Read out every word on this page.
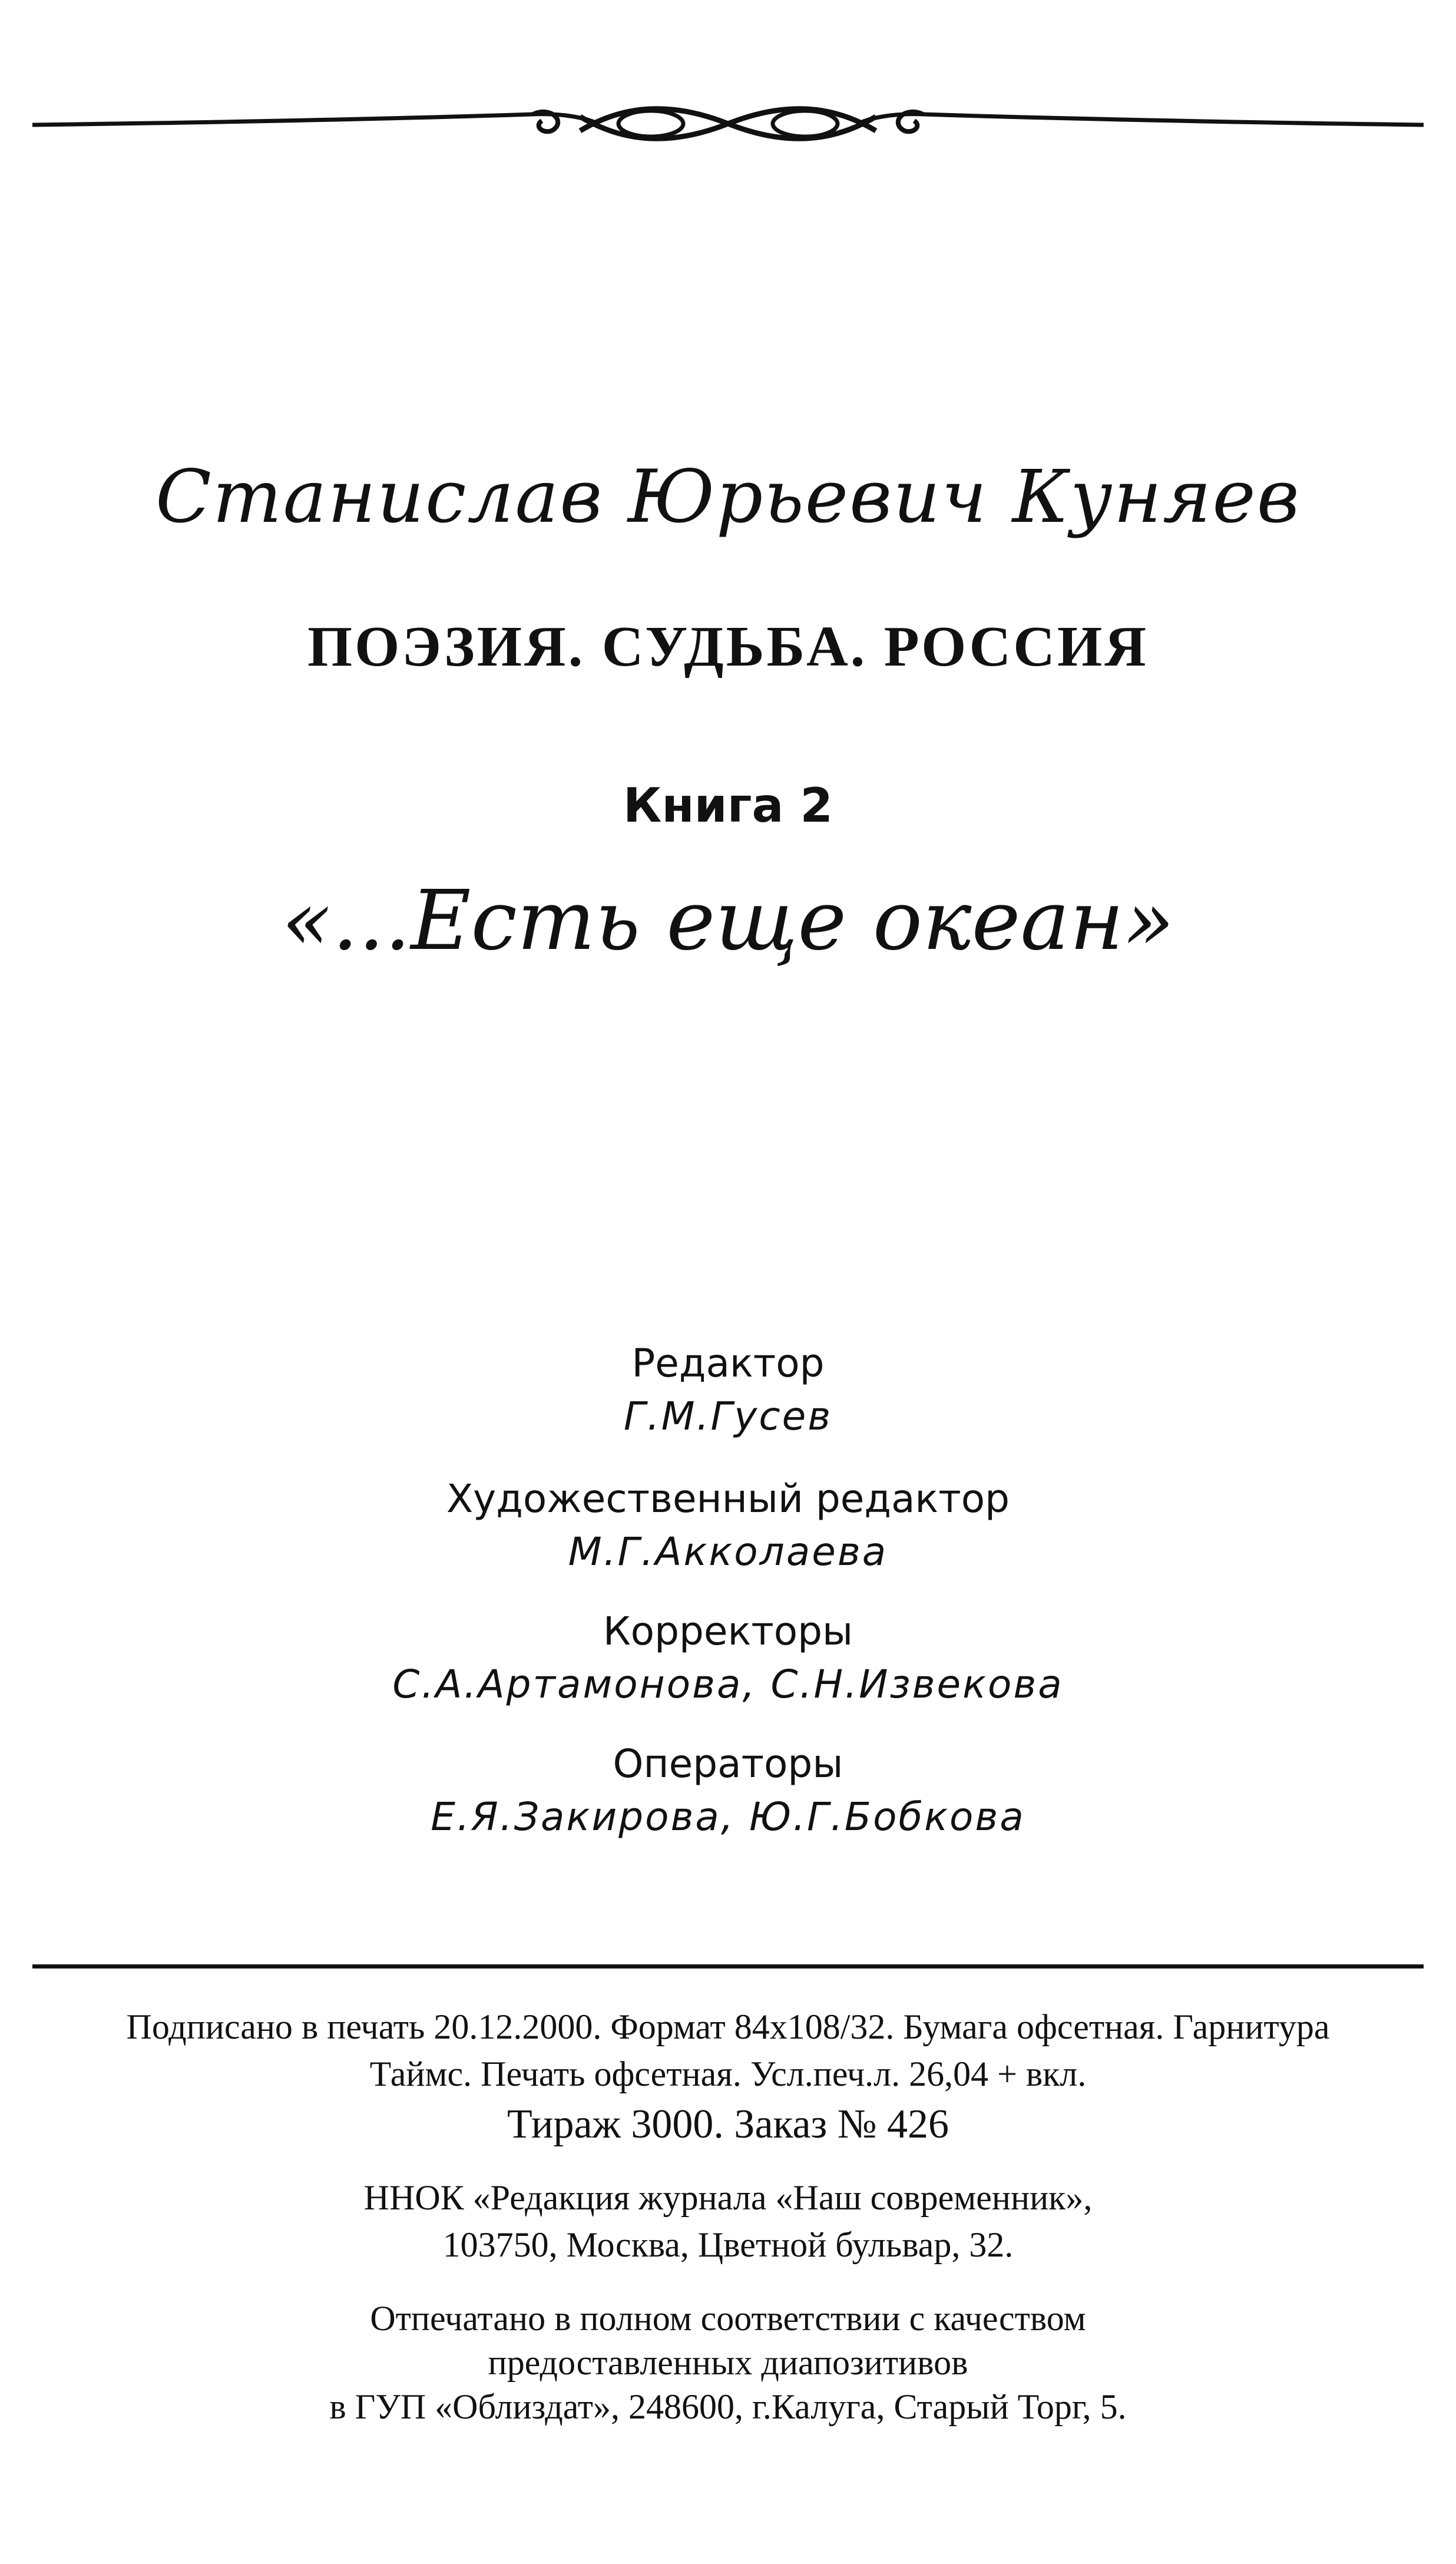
Станислав Юрьевич Куняев
ПОЭЗИЯ. СУДЬБА. РОССИЯ
Книга 2
«...Есть еще океан»
Редактор
Г.М.Гусев
Художественный редактор
М.Г.Акколаева
Корректоры
С.А.Артамонова, С.Н.Извекова
Операторы
Е.Я.Закирова, Ю.Г.Бобкова
Подписано в печать 20.12.2000. Формат 84x108/32. Бумага офсетная. Гарнитура
Таймс. Печать офсетная. Усл.печ.л. 26,04 + вкл.
Тираж 3000. Заказ № 426
ННОК «Редакция журнала «Наш современник»,
103750, Москва, Цветной бульвар, 32.
Отпечатано в полном соответствии с качеством
предоставленных диапозитивов
в ГУП «Облиздат», 248600, г.Калуга, Старый Торг, 5.
